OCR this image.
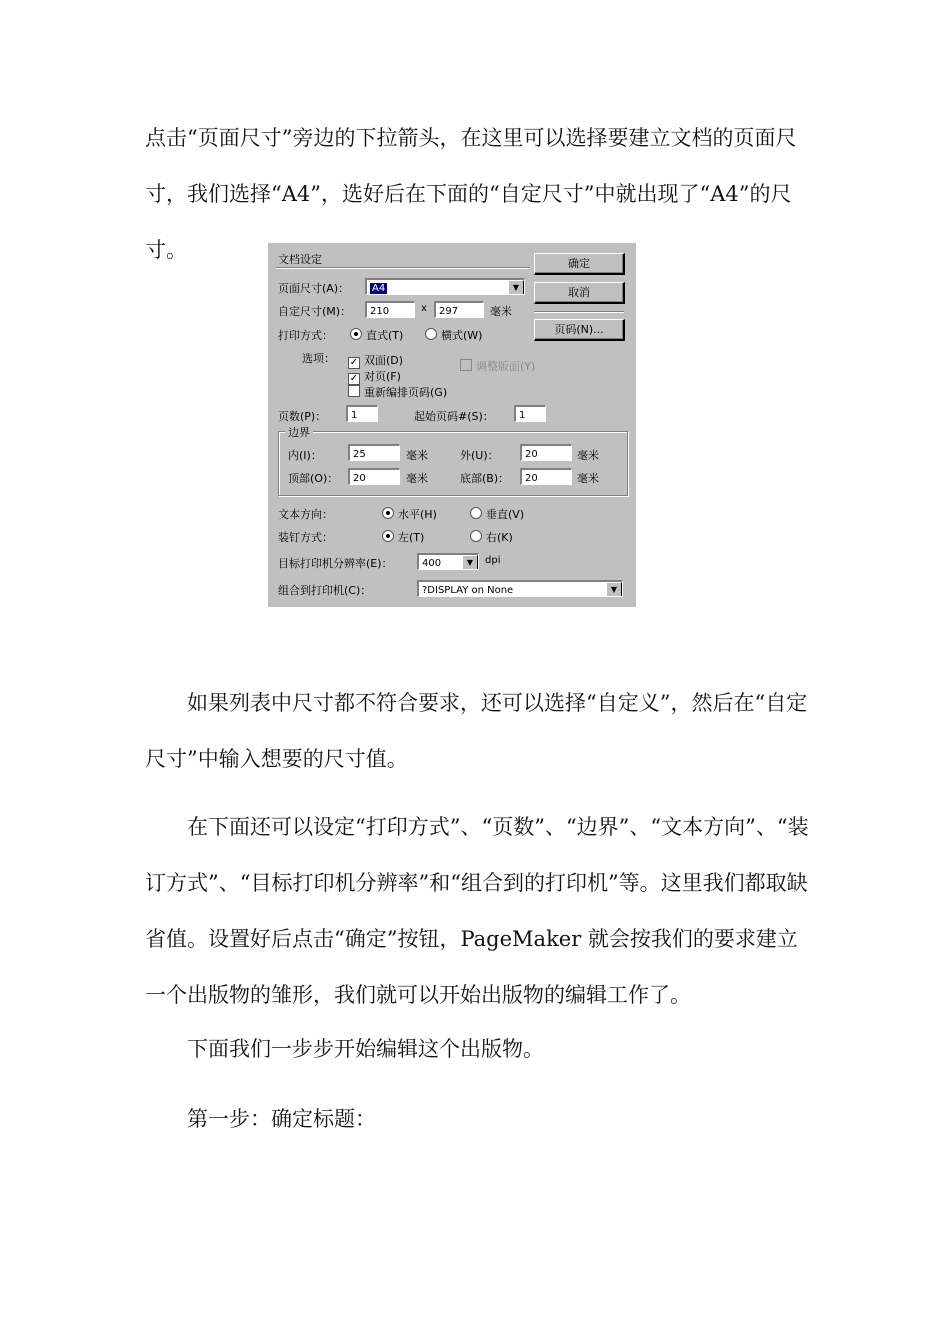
点击“页面尺寸”旁边的下拉箭头，在这里可以选择要建立文档的页面尺寸，我们选择“A4”，选好后在下面的“自定尺寸”中就出现了“A4”的尺寸。	文档设定	确定
取消
页码(N)...
页面尺寸(A)：	A4	▼
自定尺寸(M)：	210	x	297	毫米
打印方式：	直式(T)	横式(W)
选项： ✓ 双面(D)
✓ 对页(F)
重新编排页码(G)
调整版面(Y)
页数(P)：	1	起始页码#(S)：	1
边界
内(I)：	25	毫米	外(U)：	20	毫米
顶部(O)：	20	毫米	底部(B)：	20	毫米
文本方向：	水平(H)	垂直(V)
装钉方式：	左(T)	右(K)
目标打印机分辨率(E)：	400	▼	dpi
组合到打印机(C)：	?DISPLAY on None	▼

如果列表中尺寸都不符合要求，还可以选择“自定义”，然后在“自定尺寸”中输入想要的尺寸值。

在下面还可以设定“打印方式”、“页数”、“边界”、“文本方向”、“装订方式”、“目标打印机分辨率”和“组合到的打印机”等。这里我们都取缺省值。设置好后点击“确定”按钮，PageMaker 就会按我们的要求建立一个出版物的雏形，我们就可以开始出版物的编辑工作了。

下面我们一步步开始编辑这个出版物。

第一步：确定标题：
